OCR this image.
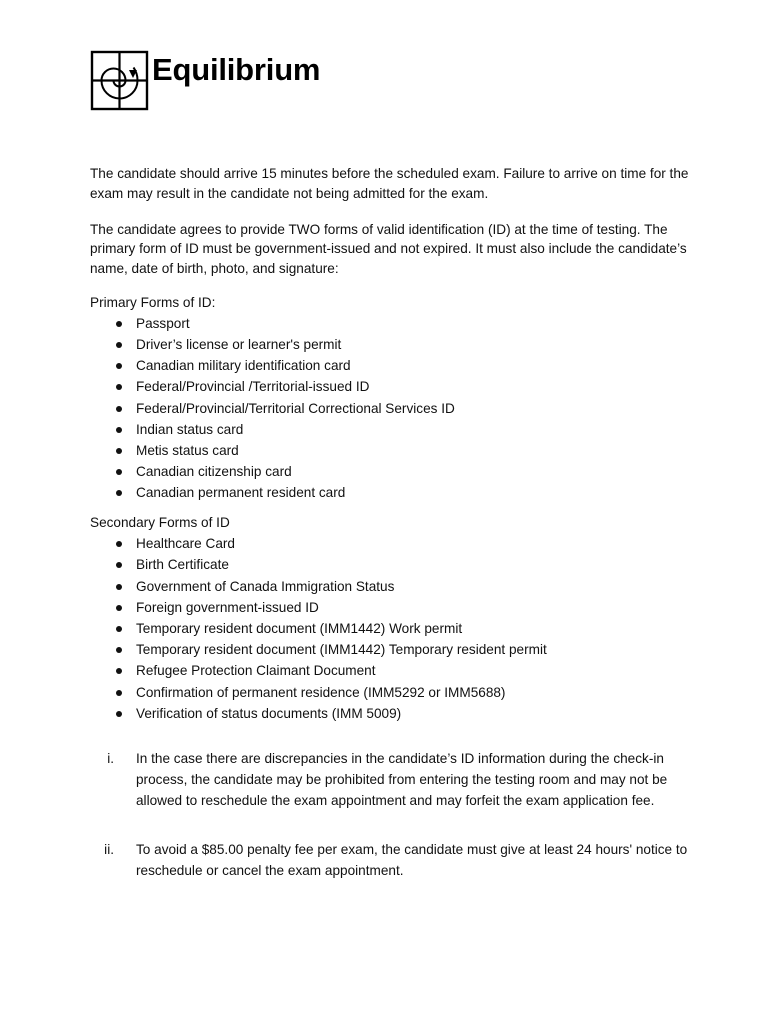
Equilibrium

The candidate should arrive 15 minutes before the scheduled exam. Failure to arrive on time for the exam may result in the candidate not being admitted for the exam.

The candidate agrees to provide TWO forms of valid identification (ID) at the time of testing. The primary form of ID must be government-issued and not expired. It must also include the candidate’s name, date of birth, photo, and signature:

Primary Forms of ID:
Passport
Driver’s license or learner's permit
Canadian military identification card
Federal/Provincial /Territorial-issued ID
Federal/Provincial/Territorial Correctional Services ID
Indian status card
Metis status card
Canadian citizenship card
Canadian permanent resident card
Secondary Forms of ID
Healthcare Card
Birth Certificate
Government of Canada Immigration Status
Foreign government-issued ID
Temporary resident document (IMM1442) Work permit
Temporary resident document (IMM1442) Temporary resident permit
Refugee Protection Claimant Document
Confirmation of permanent residence (IMM5292 or IMM5688)
Verification of status documents (IMM 5009)
i. In the case there are discrepancies in the candidate’s ID information during the check-in process, the candidate may be prohibited from entering the testing room and may not be allowed to reschedule the exam appointment and may forfeit the exam application fee.
ii. To avoid a $85.00 penalty fee per exam, the candidate must give at least 24 hours' notice to reschedule or cancel the exam appointment.
